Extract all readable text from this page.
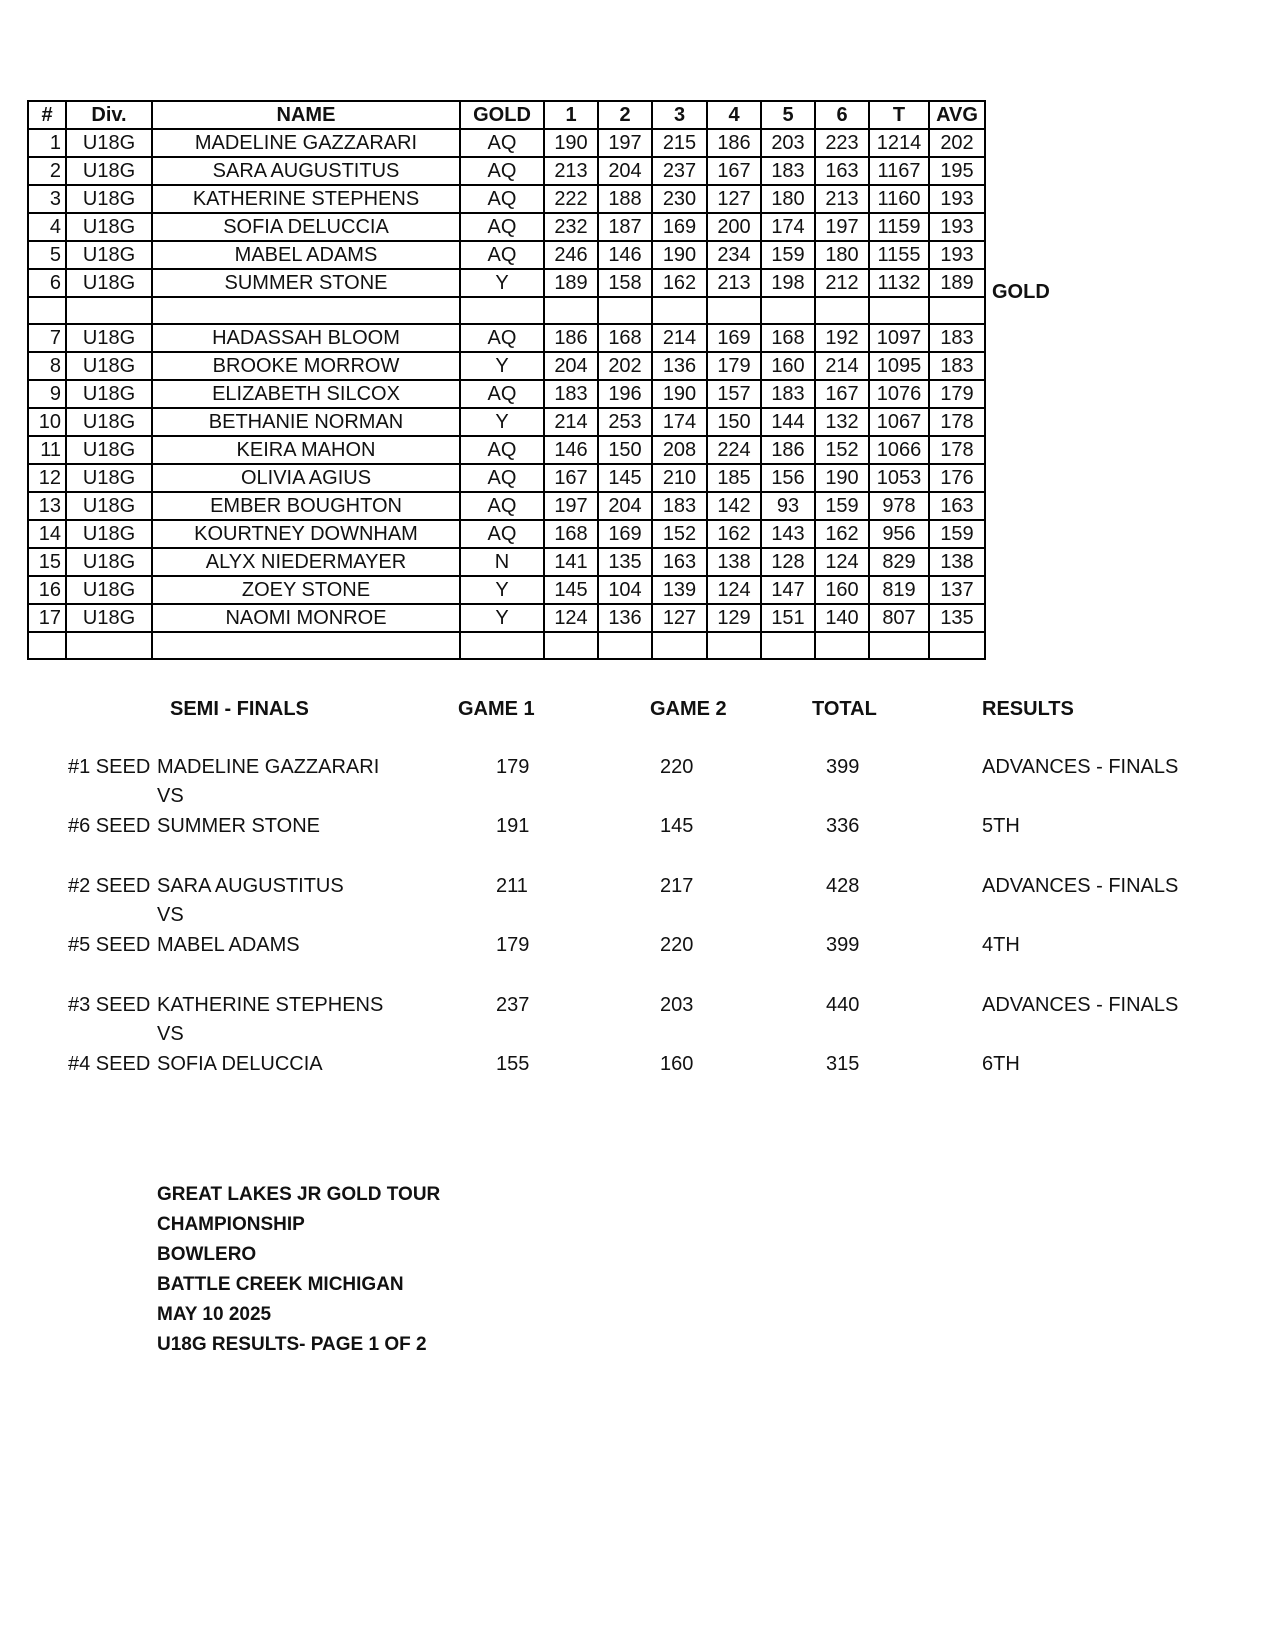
#	Div.	NAME	GOLD	1	2	3	4	5	6	T	AVG
1	U18G	MADELINE GAZZARARI	AQ	190	197	215	186	203	223	1214	202
2	U18G	SARA AUGUSTITUS	AQ	213	204	237	167	183	163	1167	195
3	U18G	KATHERINE STEPHENS	AQ	222	188	230	127	180	213	1160	193
4	U18G	SOFIA DELUCCIA	AQ	232	187	169	200	174	197	1159	193
5	U18G	MABEL ADAMS	AQ	246	146	190	234	159	180	1155	193
6	U18G	SUMMER STONE	Y	189	158	162	213	198	212	1132	189

7	U18G	HADASSAH BLOOM	AQ	186	168	214	169	168	192	1097	183
8	U18G	BROOKE MORROW	Y	204	202	136	179	160	214	1095	183
9	U18G	ELIZABETH SILCOX	AQ	183	196	190	157	183	167	1076	179
10	U18G	BETHANIE NORMAN	Y	214	253	174	150	144	132	1067	178
11	U18G	KEIRA MAHON	AQ	146	150	208	224	186	152	1066	178
12	U18G	OLIVIA AGIUS	AQ	167	145	210	185	156	190	1053	176
13	U18G	EMBER BOUGHTON	AQ	197	204	183	142	93	159	978	163
14	U18G	KOURTNEY DOWNHAM	AQ	168	169	152	162	143	162	956	159
15	U18G	ALYX NIEDERMAYER	N	141	135	163	138	128	124	829	138
16	U18G	ZOEY STONE	Y	145	104	139	124	147	160	819	137
17	U18G	NAOMI MONROE	Y	124	136	127	129	151	140	807	135

GOLD
SEMI - FINALS	GAME 1	GAME 2	TOTAL	RESULTS
#1 SEED MADELINE GAZZARARI	179	220	399	ADVANCES - FINALS
VS
#6 SEED SUMMER STONE	191	145	336	5TH
#2 SEED SARA AUGUSTITUS	211	217	428	ADVANCES - FINALS
VS
#5 SEED MABEL ADAMS	179	220	399	4TH
#3 SEED KATHERINE STEPHENS	237	203	440	ADVANCES - FINALS
VS
#4 SEED SOFIA DELUCCIA	155	160	315	6TH
GREAT LAKES JR GOLD TOUR
CHAMPIONSHIP
BOWLERO
BATTLE CREEK MICHIGAN
MAY 10 2025
U18G RESULTS- PAGE 1 OF 2
